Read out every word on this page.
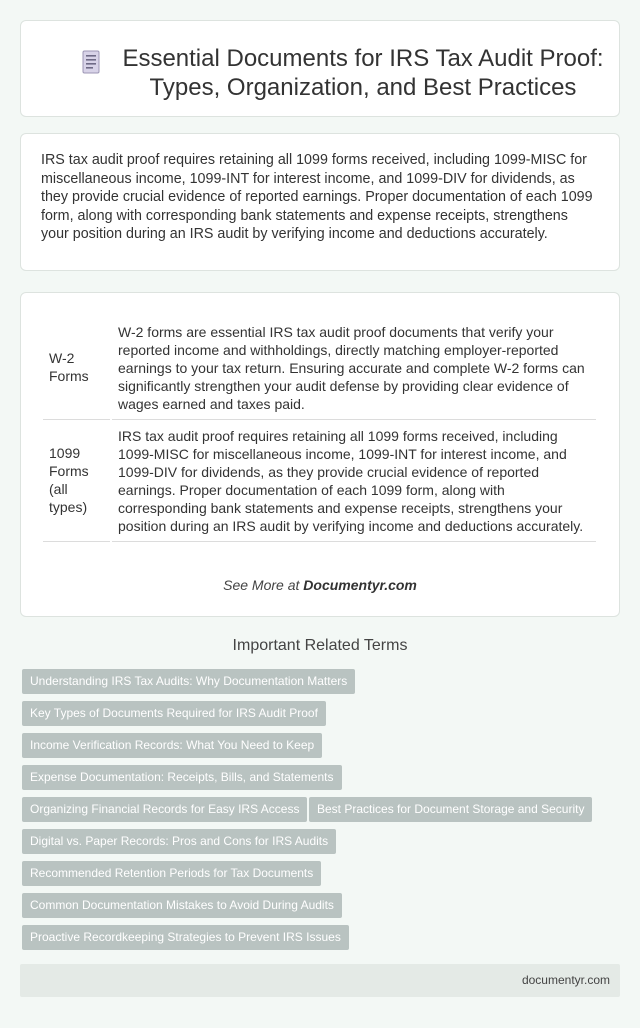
Essential Documents for IRS Tax Audit Proof: Types, Organization, and Best Practices

IRS tax audit proof requires retaining all 1099 forms received, including 1099-MISC for miscellaneous income, 1099-INT for interest income, and 1099-DIV for dividends, as they provide crucial evidence of reported earnings. Proper documentation of each 1099 form, along with corresponding bank statements and expense receipts, strengthens your position during an IRS audit by verifying income and deductions accurately.

W-2 Forms	W-2 forms are essential IRS tax audit proof documents that verify your reported income and withholdings, directly matching employer-reported earnings to your tax return. Ensuring accurate and complete W-2 forms can significantly strengthen your audit defense by providing clear evidence of wages earned and taxes paid.
1099 Forms (all types)	IRS tax audit proof requires retaining all 1099 forms received, including 1099-MISC for miscellaneous income, 1099-INT for interest income, and 1099-DIV for dividends, as they provide crucial evidence of reported earnings. Proper documentation of each 1099 form, along with corresponding bank statements and expense receipts, strengthens your position during an IRS audit by verifying income and deductions accurately.
See More at Documentyr.com
Important Related Terms
Understanding IRS Tax Audits: Why Documentation Matters
Key Types of Documents Required for IRS Audit Proof
Income Verification Records: What You Need to Keep
Expense Documentation: Receipts, Bills, and Statements
Organizing Financial Records for Easy IRS Access	Best Practices for Document Storage and Security
Digital vs. Paper Records: Pros and Cons for IRS Audits
Recommended Retention Periods for Tax Documents
Common Documentation Mistakes to Avoid During Audits
Proactive Recordkeeping Strategies to Prevent IRS Issues
documentyr.com
